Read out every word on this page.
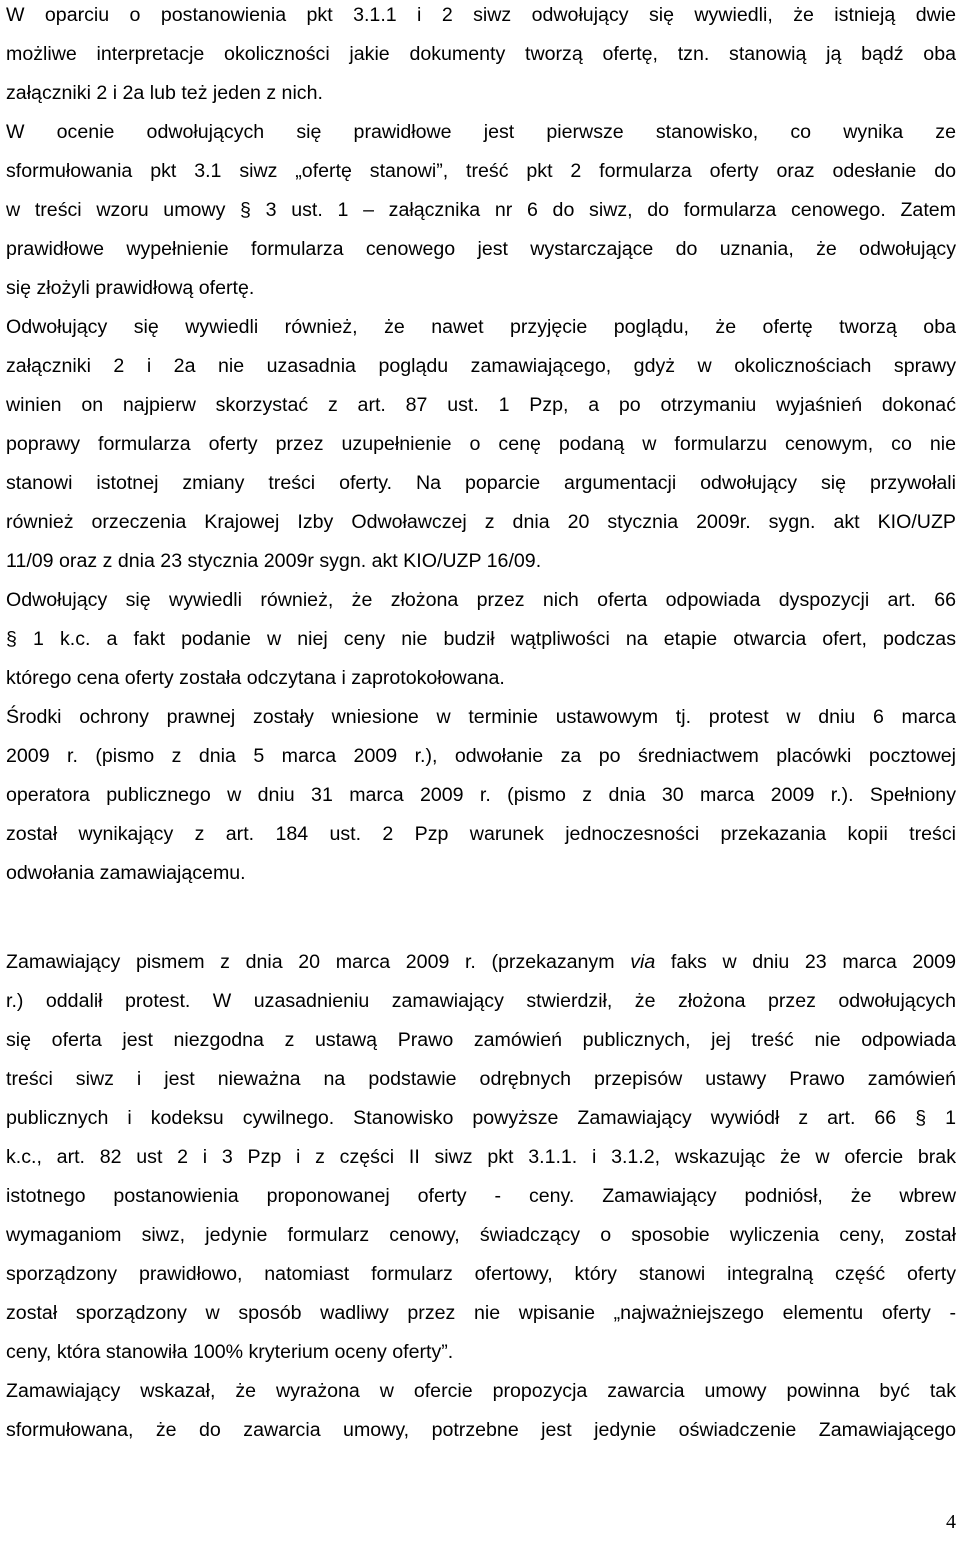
W oparciu o postanowienia pkt 3.1.1 i 2 siwz odwołujący się wywiedli, że istnieją dwie
możliwe interpretacje okoliczności jakie dokumenty tworzą ofertę, tzn. stanowią ją bądź oba
załączniki 2 i 2a lub też jeden z nich.
W ocenie odwołujących się prawidłowe jest pierwsze stanowisko, co wynika ze
sformułowania pkt 3.1 siwz „ofertę stanowi”, treść pkt 2 formularza oferty oraz odesłanie do
w treści wzoru umowy § 3 ust. 1 – załącznika nr 6 do siwz, do formularza cenowego. Zatem
prawidłowe wypełnienie formularza cenowego jest wystarczające do uznania, że odwołujący
się złożyli prawidłową ofertę.
Odwołujący się wywiedli również, że nawet przyjęcie poglądu, że ofertę tworzą oba
załączniki 2 i 2a nie uzasadnia poglądu zamawiającego, gdyż w okolicznościach sprawy
winien on najpierw skorzystać z art. 87 ust. 1 Pzp, a po otrzymaniu wyjaśnień dokonać
poprawy formularza oferty przez uzupełnienie o cenę podaną w formularzu cenowym, co nie
stanowi istotnej zmiany treści oferty. Na poparcie argumentacji odwołujący się przywołali
również orzeczenia Krajowej Izby Odwoławczej z dnia 20 stycznia 2009r. sygn. akt KIO/UZP
11/09 oraz z dnia 23 stycznia 2009r sygn. akt KIO/UZP 16/09.
Odwołujący się wywiedli również, że złożona przez nich oferta odpowiada dyspozycji art. 66
§ 1 k.c. a fakt podanie w niej ceny nie budził wątpliwości na etapie otwarcia ofert, podczas
którego cena oferty została odczytana i zaprotokołowana.
Środki ochrony prawnej zostały wniesione w terminie ustawowym tj. protest w dniu 6 marca
2009 r. (pismo z dnia 5 marca 2009 r.), odwołanie za po średniactwem placówki pocztowej
operatora publicznego w dniu 31 marca 2009 r. (pismo z dnia 30 marca 2009 r.). Spełniony
został wynikający z art. 184 ust. 2 Pzp warunek jednoczesności przekazania kopii treści
odwołania zamawiającemu.
Zamawiający pismem z dnia 20 marca 2009 r. (przekazanym via faks w dniu 23 marca 2009
r.) oddalił protest. W uzasadnieniu zamawiający stwierdził, że złożona przez odwołujących
się oferta jest niezgodna z ustawą Prawo zamówień publicznych, jej treść nie odpowiada
treści siwz i jest nieważna na podstawie odrębnych przepisów ustawy Prawo zamówień
publicznych i kodeksu cywilnego. Stanowisko powyższe Zamawiający wywiódł z art. 66 § 1
k.c., art. 82 ust 2 i 3 Pzp i z części II siwz pkt 3.1.1. i 3.1.2, wskazując że w ofercie brak
istotnego postanowienia proponowanej oferty - ceny. Zamawiający podniósł, że wbrew
wymaganiom siwz, jedynie formularz cenowy, świadczący o sposobie wyliczenia ceny, został
sporządzony prawidłowo, natomiast formularz ofertowy, który stanowi integralną część oferty
został sporządzony w sposób wadliwy przez nie wpisanie „najważniejszego elementu oferty -
ceny, która stanowiła 100% kryterium oceny oferty”.
Zamawiający wskazał, że wyrażona w ofercie propozycja zawarcia umowy powinna być tak
sformułowana, że do zawarcia umowy, potrzebne jest jedynie oświadczenie Zamawiającego
4
